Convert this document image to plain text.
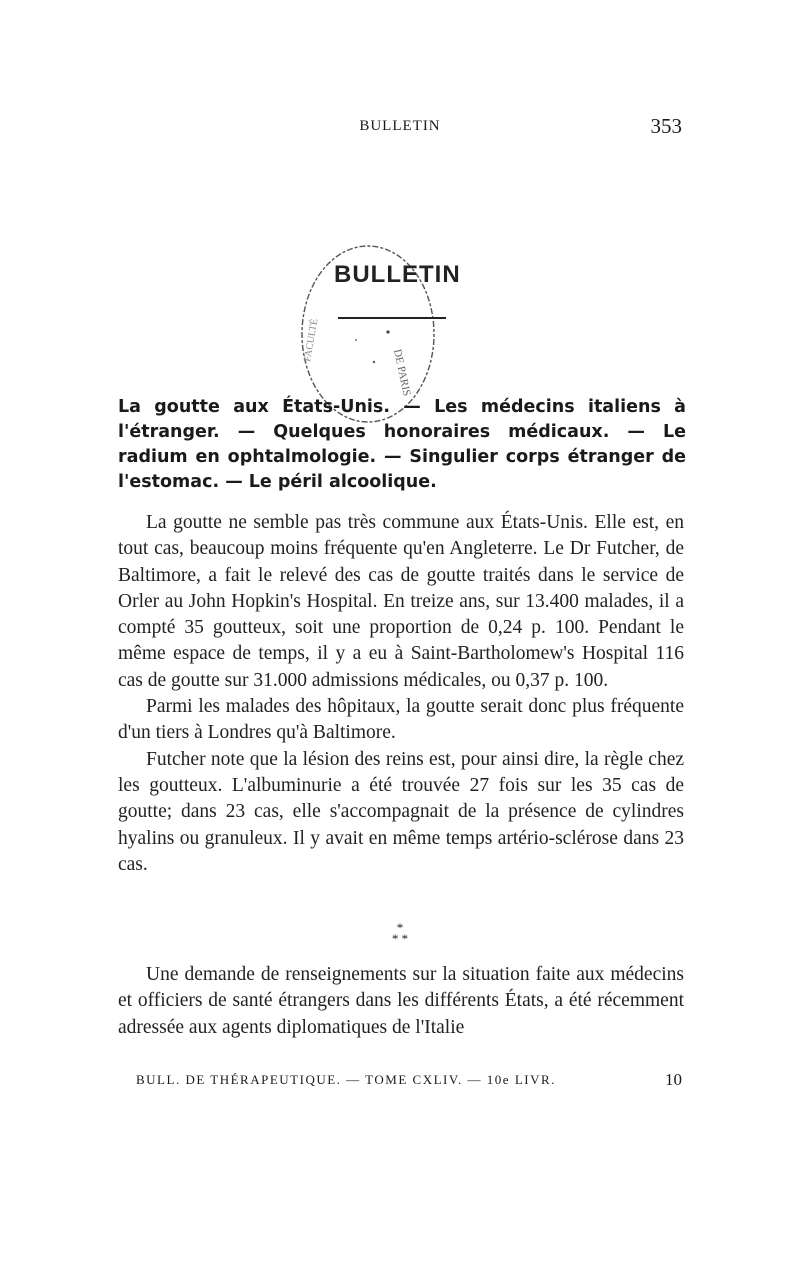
BULLETIN	353
BULLETIN
DE PARIS
FACULTÉ
La goutte aux États-Unis. — Les médecins italiens à l'étranger. — Quelques honoraires médicaux. — Le radium en ophtalmologie. — Singulier corps étranger de l'estomac. — Le péril alcoolique.

La goutte ne semble pas très commune aux États-Unis. Elle est, en tout cas, beaucoup moins fréquente qu'en Angleterre. Le Dr Futcher, de Baltimore, a fait le relevé des cas de goutte traités dans le service de Orler au John Hopkin's Hospital. En treize ans, sur 13.400 malades, il a compté 35 goutteux, soit une proportion de 0,24 p. 100. Pendant le même espace de temps, il y a eu à Saint-Bartholomew's Hospital 116 cas de goutte sur 31.000 admissions médicales, ou 0,37 p. 100.

Parmi les malades des hôpitaux, la goutte serait donc plus fréquente d'un tiers à Londres qu'à Baltimore.

Futcher note que la lésion des reins est, pour ainsi dire, la règle chez les goutteux. L'albuminurie a été trouvée 27 fois sur les 35 cas de goutte; dans 23 cas, elle s'accompagnait de la présence de cylindres hyalins ou granuleux. Il y avait en même temps artério-sclérose dans 23 cas.

*
* *

Une demande de renseignements sur la situation faite aux médecins et officiers de santé étrangers dans les différents États, a été récemment adressée aux agents diplomatiques de l'Italie

BULL. DE THÉRAPEUTIQUE. — TOME CXLIV. — 10e LIVR.	10
